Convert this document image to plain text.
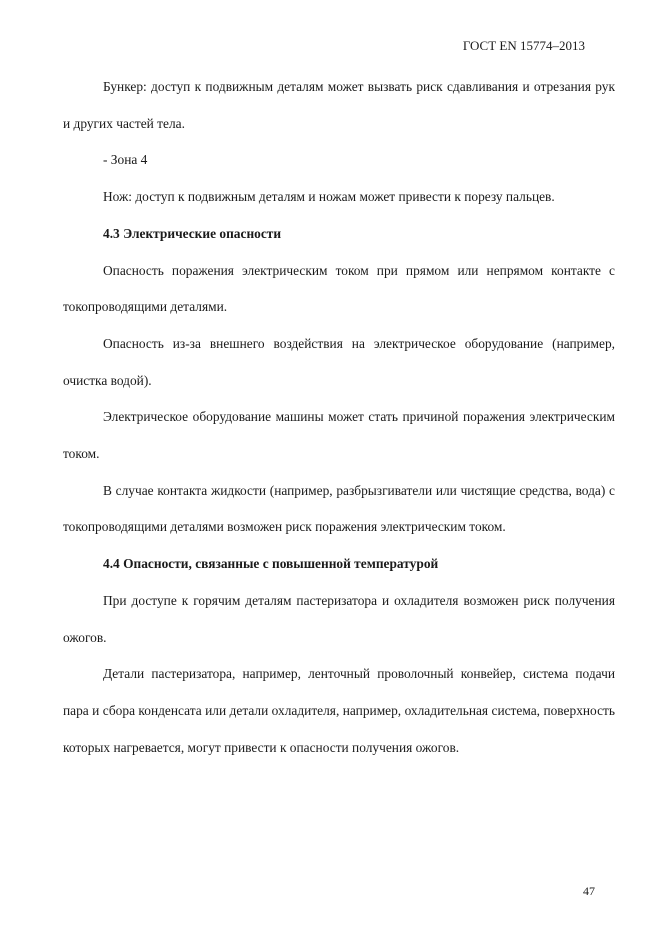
ГОСТ EN 15774–2013

Бункер: доступ к подвижным деталям может вызвать риск сдавливания и отрезания рук и других частей тела.

- Зона 4

Нож: доступ к подвижным деталям и ножам может привести к порезу пальцев.

4.3 Электрические опасности

Опасность поражения электрическим током при прямом или непрямом контакте с токопроводящими деталями.

Опасность из-за внешнего воздействия на электрическое оборудование (например, очистка водой).

Электрическое оборудование машины может стать причиной поражения электрическим током.

В случае контакта жидкости (например, разбрызгиватели или чистящие средства, вода) с токопроводящими деталями возможен риск поражения электрическим током.

4.4 Опасности, связанные с повышенной температурой

При доступе к горячим деталям пастеризатора и охладителя возможен риск получения ожогов.

Детали пастеризатора, например, ленточный проволочный конвейер, система подачи пара и сбора конденсата или детали охладителя, например, охладительная система, поверхность которых нагревается, могут привести к опасности получения ожогов.

47
